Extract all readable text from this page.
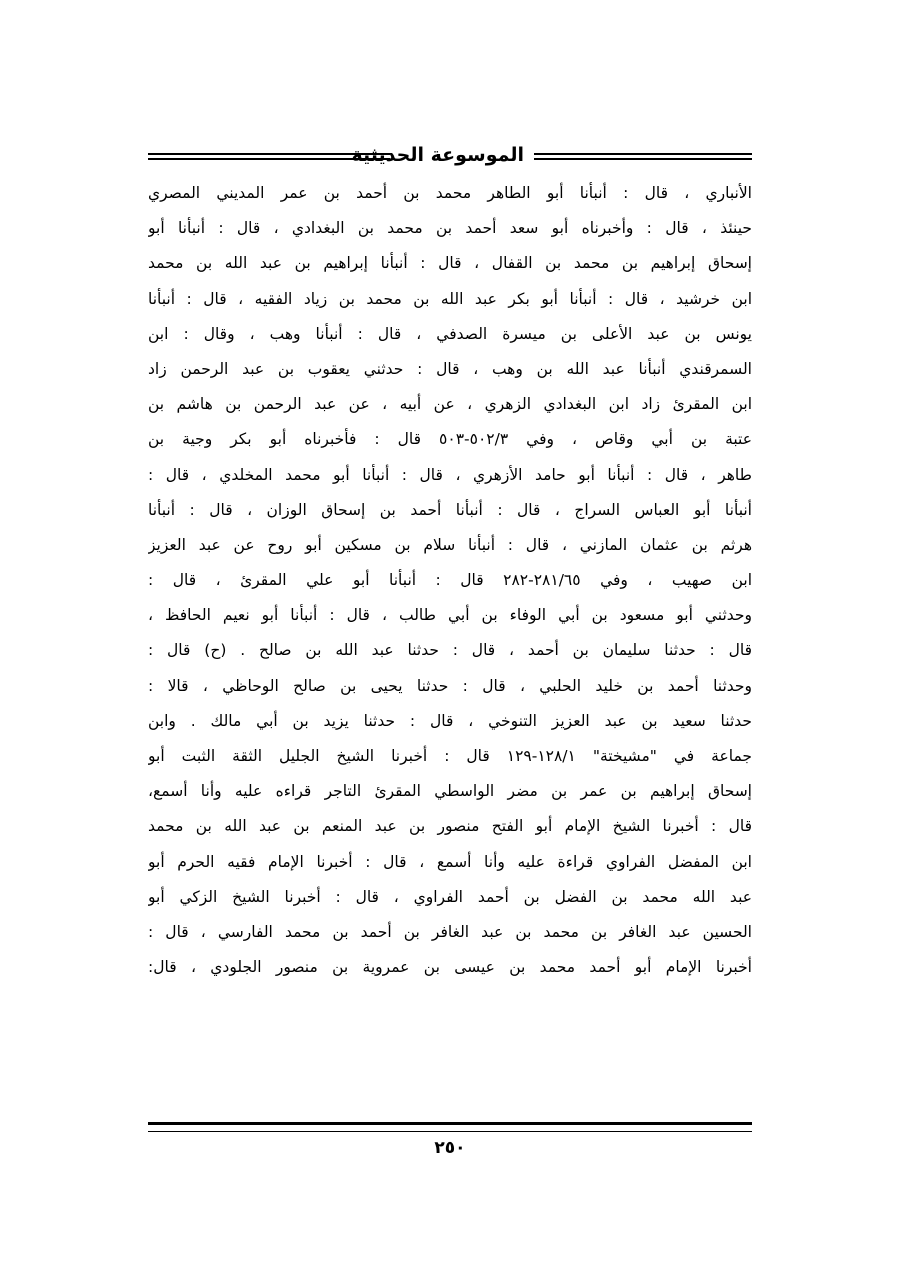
الموسوعة الحديثية
الأنباري ، قال : أنبأنا أبو الطاهر محمد بن أحمد بن عمر المديني المصري
حينئذ ، قال : وأخبرناه أبو سعد أحمد بن محمد بن البغدادي ، قال : أنبأنا أبو
إسحاق إبراهيم بن محمد بن القفال ، قال : أنبأنا إبراهيم بن عبد الله بن محمد
ابن خرشيد ، قال : أنبأنا أبو بكر عبد الله بن محمد بن زياد الفقيه ، قال : أنبأنا
يونس بن عبد الأعلى بن ميسرة الصدفي ، قال : أنبأنا وهب ، وقال : ابن
السمرقندي أنبأنا عبد الله بن وهب ، قال : حدثني يعقوب بن عبد الرحمن زاد
ابن المقرئ زاد ابن البغدادي الزهري ، عن أبيه ، عن عبد الرحمن بن هاشم بن
عتبة بن أبي وقاص ، وفي ٥٠٢/٣-٥٠٣ قال : فأخبرناه أبو بكر وجية بن
طاهر ، قال : أنبأنا أبو حامد الأزهري ، قال : أنبأنا أبو محمد المخلدي ، قال :
أنبأنا أبو العباس السراج ، قال : أنبأنا أحمد بن إسحاق الوزان ، قال : أنبأنا
هرثم بن عثمان المازني ، قال : أنبأنا سلام بن مسكين أبو روح عن عبد العزيز
ابن صهيب ، وفي ٢٨١/٦٥-٢٨٢ قال : أنبأنا أبو علي المقرئ ، قال :
وحدثني أبو مسعود بن أبي الوفاء بن أبي طالب ، قال : أنبأنا أبو نعيم الحافظ ،
قال : حدثنا سليمان بن أحمد ، قال : حدثنا عبد الله بن صالح . (ح) قال :
وحدثنا أحمد بن خليد الحلبي ، قال : حدثنا يحيى بن صالح الوحاظي ، قالا :
حدثنا سعيد بن عبد العزيز التنوخي ، قال : حدثنا يزيد بن أبي مالك . وابن
جماعة في "مشيختة" ١٢٨/١-١٢٩ قال : أخبرنا الشيخ الجليل الثقة الثبت أبو
إسحاق إبراهيم بن عمر بن مضر الواسطي المقرئ التاجر قراءه عليه وأنا أسمع،
قال : أخبرنا الشيخ الإمام أبو الفتح منصور بن عبد المنعم بن عبد الله بن محمد
ابن المفضل الفراوي قراءة عليه وأنا أسمع ، قال : أخبرنا الإمام فقيه الحرم أبو
عبد الله محمد بن الفضل بن أحمد الفراوي ، قال : أخبرنا الشيخ الزكي أبو
الحسين عبد الغافر بن محمد بن عبد الغافر بن أحمد بن محمد الفارسي ، قال :
أخبرنا الإمام أبو أحمد محمد بن عيسى بن عمروية بن منصور الجلودي ، قال:
٢٥٠
